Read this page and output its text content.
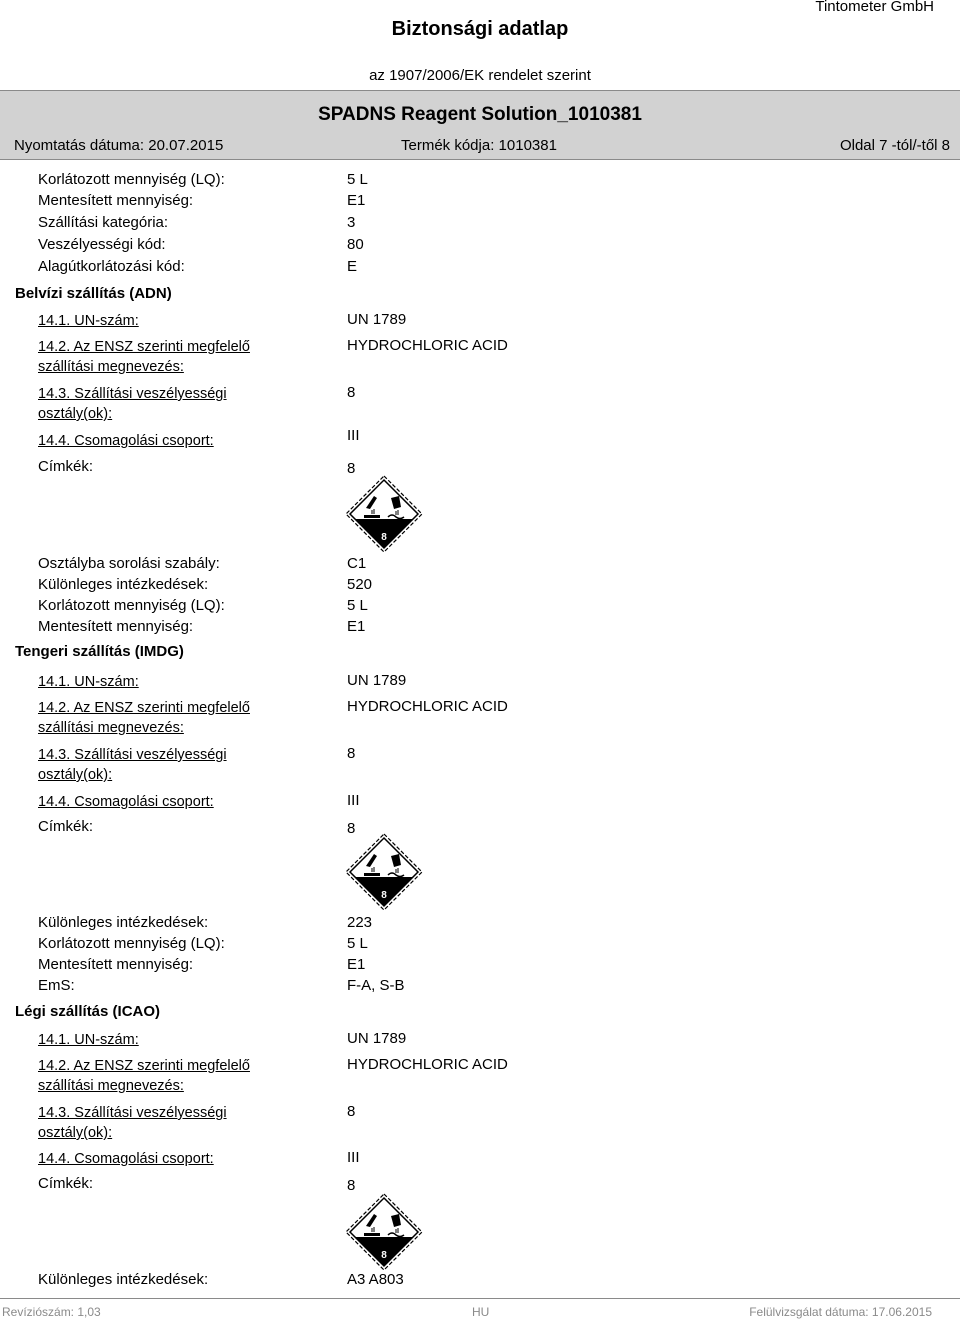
Tintometer GmbH
Biztonsági adatlap
az 1907/2006/EK rendelet szerint
SPADNS Reagent Solution_1010381
Nyomtatás dátuma: 20.07.2015	Termék kódja: 1010381	Oldal 7 -tól/-től 8
Korlátozott mennyiség (LQ):	5 L
Mentesített mennyiség:	E1
Szállítási kategória:	3
Veszélyességi kód:	80
Alagútkorlátozási kód:	E
Belvízi szállítás (ADN)
14.1. UN-szám:	UN 1789
14.2. Az ENSZ szerinti megfelelő szállítási megnevezés:
HYDROCHLORIC ACID
14.3. Szállítási veszélyességi osztály(ok):
8
14.4. Csomagolási csoport:	III
Címkék:	8
8
Osztályba sorolási szabály:	C1
Különleges intézkedések:	520
Korlátozott mennyiség (LQ):	5 L
Mentesített mennyiség:	E1
Tengeri szállítás (IMDG)
14.1. UN-szám:	UN 1789
14.2. Az ENSZ szerinti megfelelő szállítási megnevezés:
HYDROCHLORIC ACID
14.3. Szállítási veszélyességi osztály(ok):
8
14.4. Csomagolási csoport:	III
Címkék:	8
8
Különleges intézkedések:	223
Korlátozott mennyiség (LQ):	5 L
Mentesített mennyiség:	E1
EmS:	F-A, S-B
Légi szállítás (ICAO)
14.1. UN-szám:	UN 1789
14.2. Az ENSZ szerinti megfelelő szállítási megnevezés:
HYDROCHLORIC ACID
14.3. Szállítási veszélyességi osztály(ok):
8
14.4. Csomagolási csoport:	III
Címkék:	8
8
Különleges intézkedések:	A3 A803
Revíziószám: 1,03	HU	Felülvizsgálat dátuma: 17.06.2015
